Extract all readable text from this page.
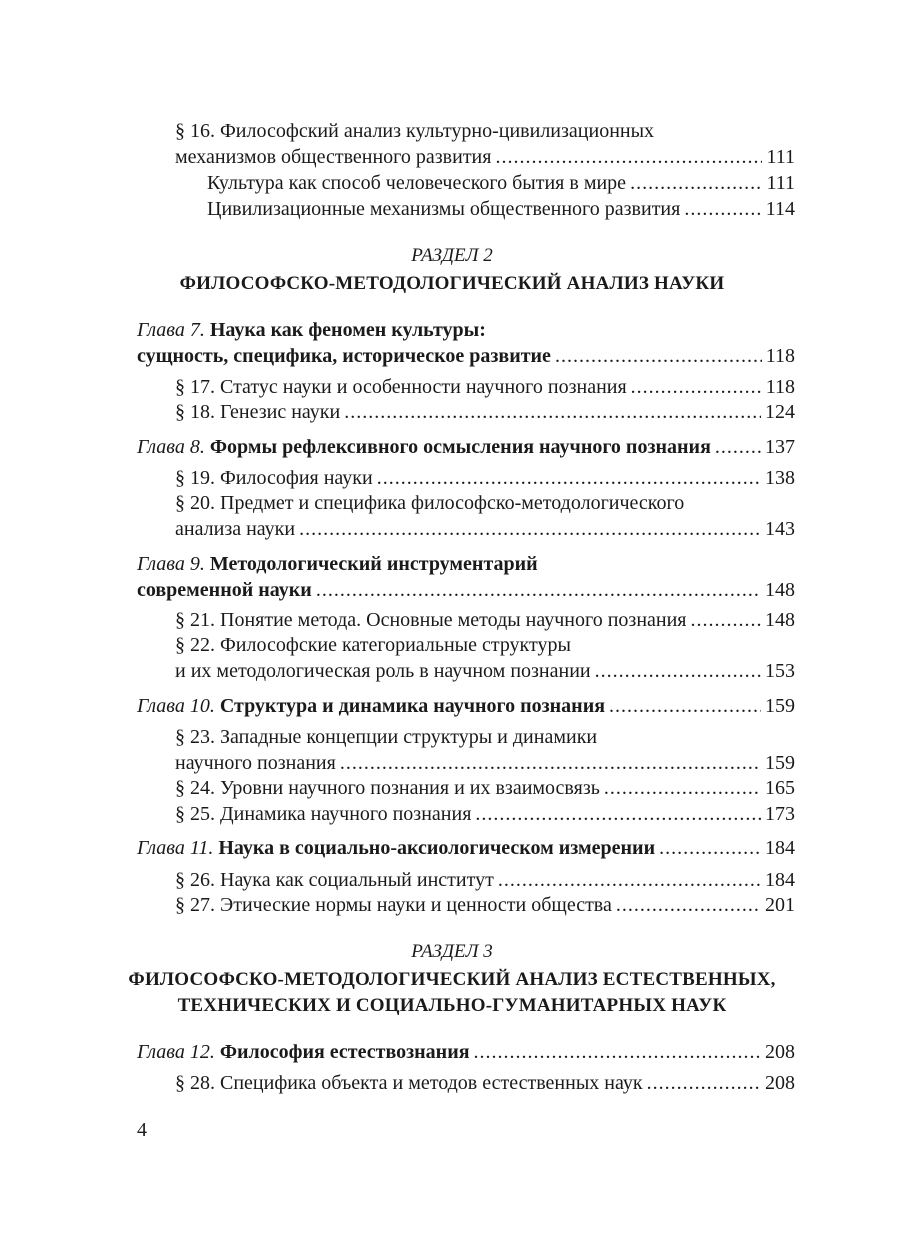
§ 16. Философский анализ культурно-цивилизационных
механизмов общественного развития .....	111
Культура как способ человеческого бытия в мире .....	111
Цивилизационные механизмы общественного развития .....	114
РАЗДЕЛ 2
ФИЛОСОФСКО-МЕТОДОЛОГИЧЕСКИЙ АНАЛИЗ НАУКИ
Глава 7.
Наука как феномен культуры:
сущность, специфика, историческое развитие .....	118
§ 17. Статус науки и особенности научного познания .....	118
§ 18. Генезис науки .....	124
Глава 8.
Формы рефлексивного осмысления научного познания .....	137
§ 19. Философия науки .....	138
§ 20. Предмет и специфика философско-методологического
анализа науки .....	143
Глава 9.
Методологический инструментарий
современной науки .....	148
§ 21. Понятие метода. Основные методы научного познания .....	148
§ 22. Философские категориальные структуры
и их методологическая роль в научном познании .....	153
Глава 10.
Структура и динамика научного познания .....	159
§ 23. Западные концепции структуры и динамики
научного познания .....	159
§ 24. Уровни научного познания и их взаимосвязь .....	165
§ 25. Динамика научного познания .....	173
Глава 11.
Наука в социально-аксиологическом измерении .....	184
§ 26. Наука как социальный институт .....	184
§ 27. Этические нормы науки и ценности общества .....	201
РАЗДЕЛ 3
ФИЛОСОФСКО-МЕТОДОЛОГИЧЕСКИЙ АНАЛИЗ ЕСТЕСТВЕННЫХ,
ТЕХНИЧЕСКИХ И СОЦИАЛЬНО-ГУМАНИТАРНЫХ НАУК
Глава 12.
Философия естествознания .....	208
§ 28. Специфика объекта и методов естественных наук .....	208
4
